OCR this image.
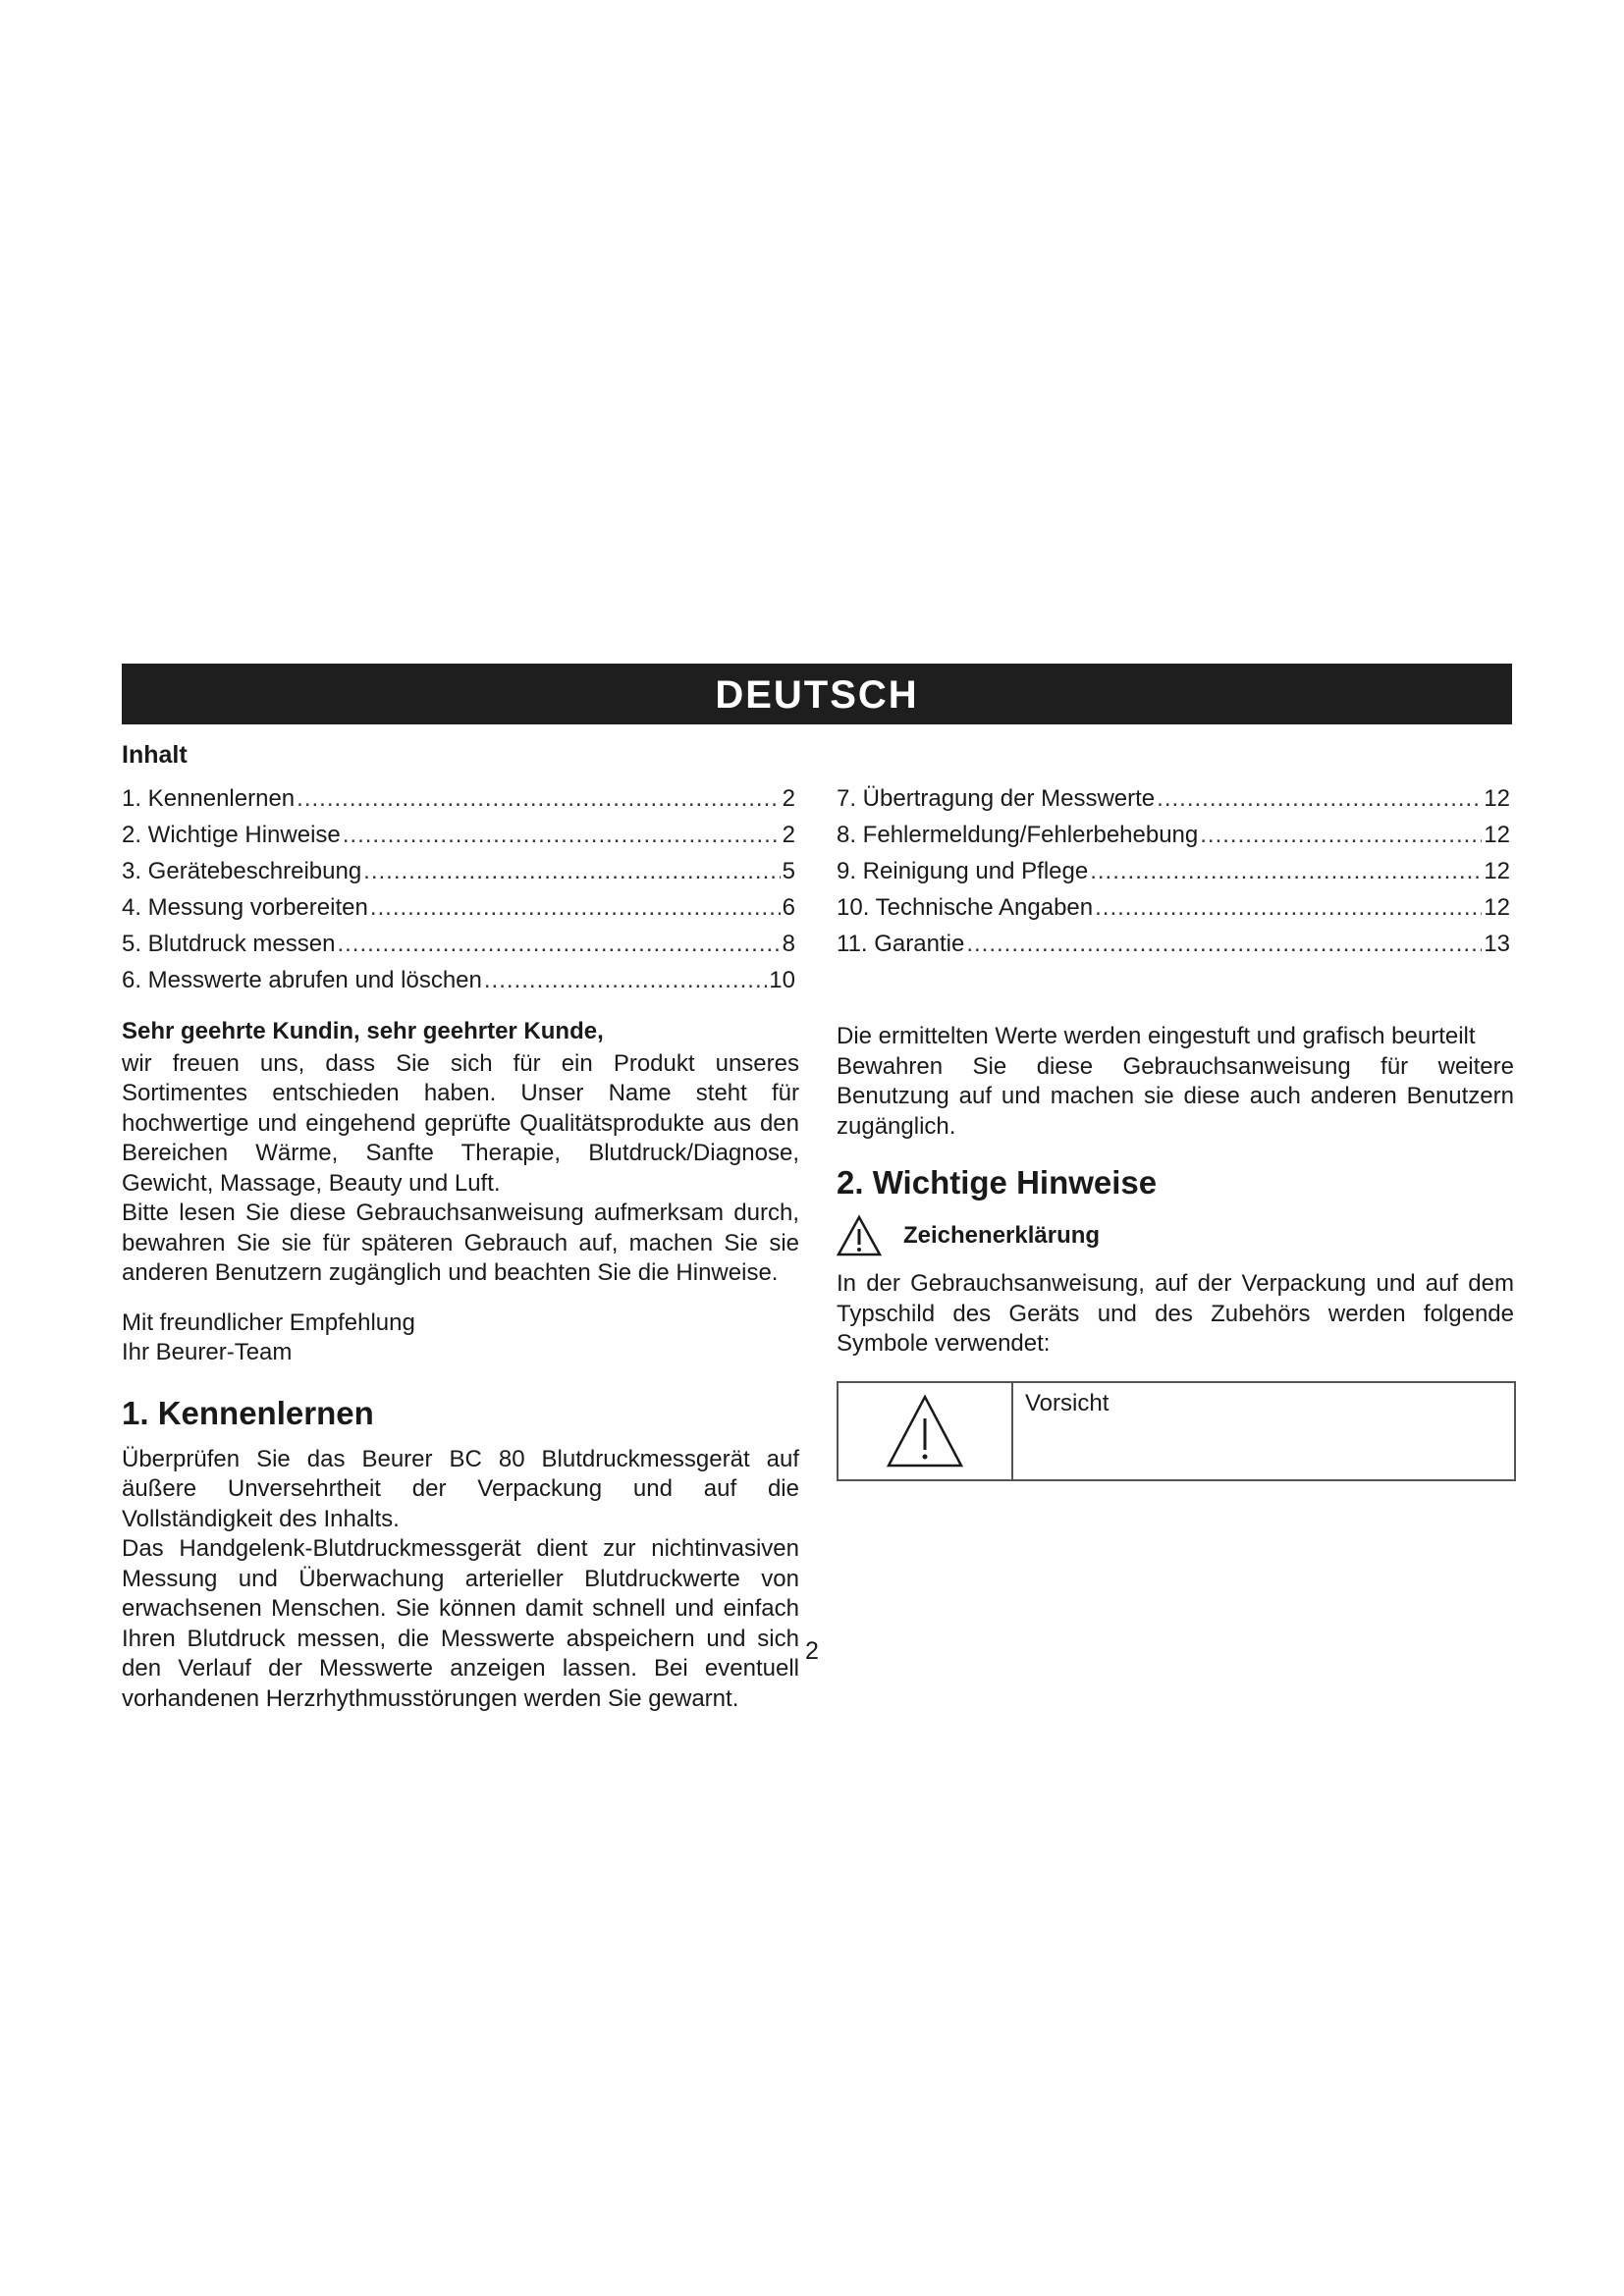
DEUTSCH
Inhalt
1. Kennenlernen .....	2
2. Wichtige Hinweise .....	2
3. Gerätebeschreibung .....	5
4. Messung vorbereiten .....	6
5. Blutdruck messen .....	8
6. Messwerte abrufen und löschen .....	10
7. Übertragung der Messwerte .....	12
8. Fehlermeldung/Fehlerbehebung .....	12
9. Reinigung und Pflege .....	12
10. Technische Angaben .....	12
11. Garantie .....	13

Sehr geehrte Kundin, sehr geehrter Kunde,

wir freuen uns, dass Sie sich für ein Produkt unseres Sortimentes entschieden haben. Unser Name steht für hochwertige und eingehend geprüfte Qualitätsprodukte aus den Bereichen Wärme, Sanfte Therapie, Blutdruck/Diagnose, Gewicht, Massage, Beauty und Luft.

Bitte lesen Sie diese Gebrauchsanweisung aufmerksam durch, bewahren Sie sie für späteren Gebrauch auf, machen Sie sie anderen Benutzern zugänglich und beachten Sie die Hinweise.

Mit freundlicher Empfehlung

Ihr Beurer-Team

1. Kennenlernen

Überprüfen Sie das Beurer BC 80 Blutdruckmessgerät auf äußere Unversehrtheit der Verpackung und auf die Vollständigkeit des Inhalts.

Das Handgelenk-Blutdruckmessgerät dient zur nichtinvasiven Messung und Überwachung arterieller Blutdruckwerte von erwachsenen Menschen. Sie können damit schnell und einfach Ihren Blutdruck messen, die Messwerte abspeichern und sich den Verlauf der Messwerte anzeigen lassen. Bei eventuell vorhandenen Herzrhythmusstörungen werden Sie gewarnt.

Die ermittelten Werte werden eingestuft und grafisch beurteilt

Bewahren Sie diese Gebrauchsanweisung für weitere Benutzung auf und machen sie diese auch anderen Benutzern zugänglich.

2. Wichtige Hinweise
Zeichenerklärung

In der Gebrauchsanweisung, auf der Verpackung und auf dem Typschild des Geräts und des Zubehörs werden folgende Symbole verwendet:

Vorsicht
2
